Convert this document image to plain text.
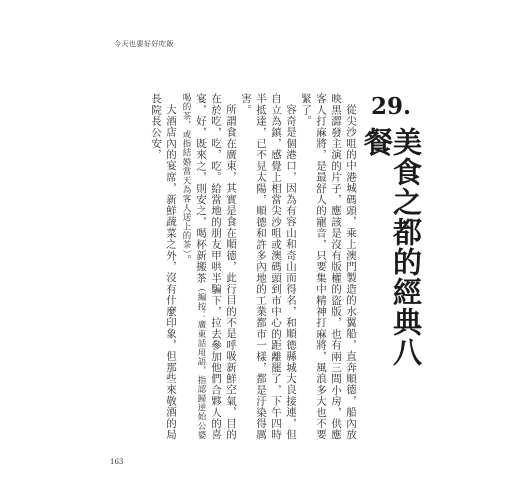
今天也要好好吃飯
29.
美食之都的經典八餐

從尖沙咀的中港城碼頭，乘上澳門製造的水翼船，直奔順德，船內放映黑澀發主演的片子，應該是沒有版權的盜版，也有兩三間小房，供應客人打麻將，是最舒人的寵音，只要集中精神打麻將，風浪多大也不要緊了。

容奇是個港口，因為有容山和奇山而得名，和順德縣城大良接連，但自立為鎮，感覺上相當尖沙咀或澳碼頭到市中心的距離罷了，下午四時半抵達，已不見太陽，順德和許多內地的工業都市一樣，都是汙染得厲害。

所謂食在廣東，其實是食在順德，此行目的不是呼吸新鮮空氣，目的在於吃，吃，吃。給當地的朋友甲哄半騙下，拉去參加他們合夥人的喜宴，好，既來之，則安之，喝杯新搬茶（編按：廣東話用語，指認歸逆始公婆喝的茶，或指結婚當天為客人送上的茶）。

大酒店內的宴席，新鮮蔬菜之外，沒有什麼印象，但那些來敬酒的局長院長公安，

163
